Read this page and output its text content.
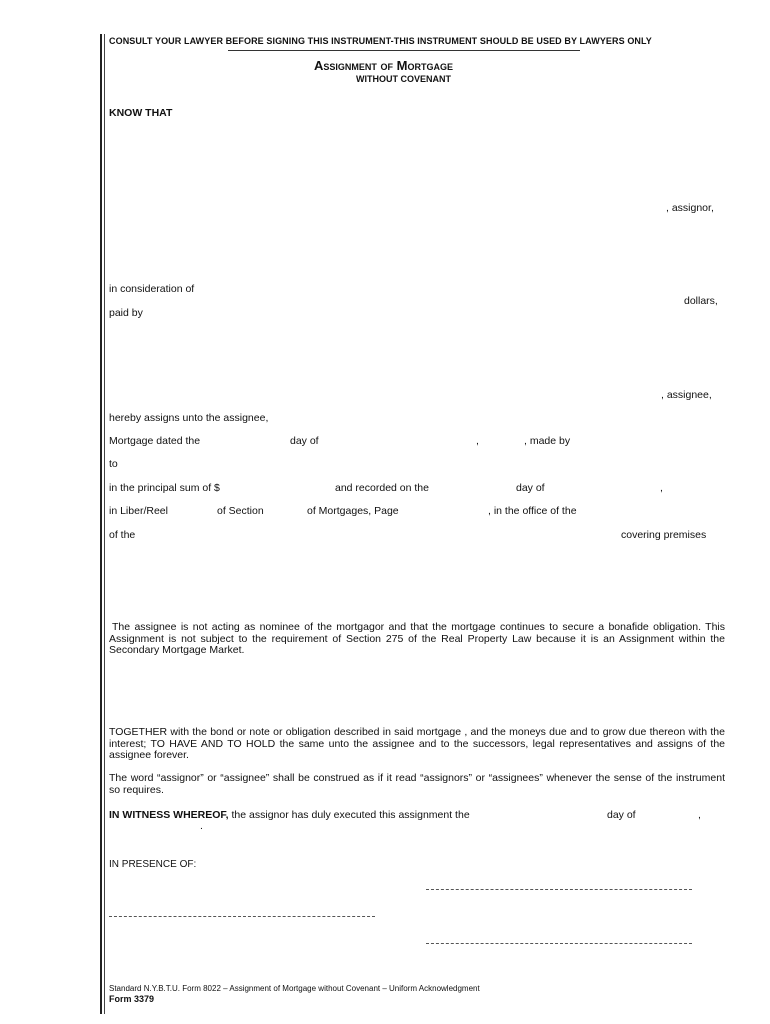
CONSULT YOUR LAWYER BEFORE SIGNING THIS INSTRUMENT-THIS INSTRUMENT SHOULD BE USED BY LAWYERS ONLY
Assignment of Mortgage
WITHOUT COVENANT
KNOW THAT
, assignor,
in consideration of
dollars,
paid by
, assignee,
hereby assigns unto the assignee,
Mortgage dated the	day of	,	, made by
to
in the principal sum of $	and recorded on the	day of	,
in Liber/Reel	of Section	of Mortgages, Page	, in the office of the
of the	covering premises
The assignee is not acting as nominee of the mortgagor and that the mortgage continues to secure a bonafide obligation. This Assignment is not subject to the requirement of Section 275 of the Real Property Law because it is an Assignment within the Secondary Mortgage Market.
TOGETHER with the bond or note or obligation described in said mortgage , and the moneys due and to grow due thereon with the interest; TO HAVE AND TO HOLD the same unto the assignee and to the successors, legal representatives and assigns of the assignee forever.
The word “assignor” or “assignee” shall be construed as if it read “assignors” or “assignees” whenever the sense of the instrument so requires.
IN WITNESS WHEREOF, the assignor has duly executed this assignment the	day of	,
.
IN PRESENCE OF:
Standard N.Y.B.T.U. Form 8022 – Assignment of Mortgage without Covenant – Uniform Acknowledgment
Form 3379
